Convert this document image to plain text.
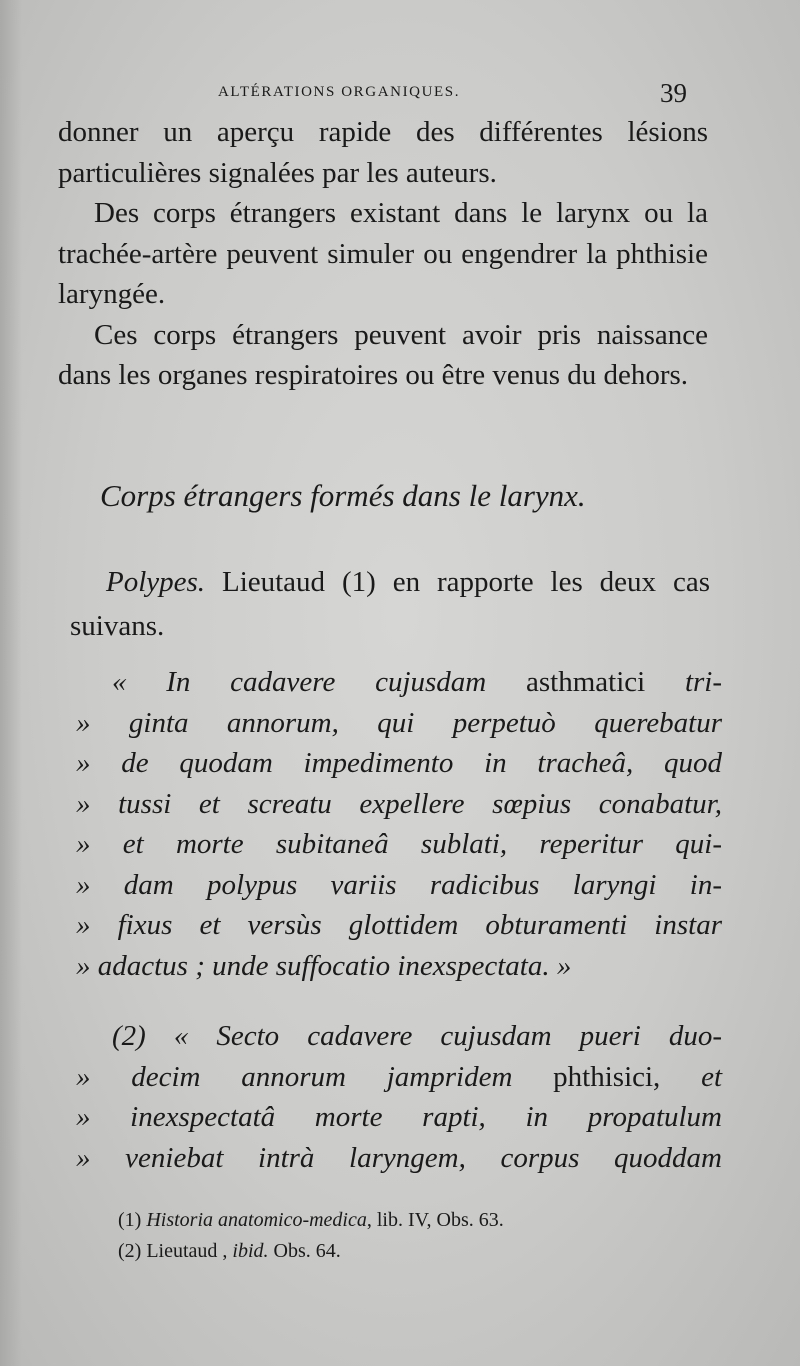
ALTÉRATIONS ORGANIQUES.	39

donner un aperçu rapide des différentes lésions particulières signalées par les auteurs.

Des corps étrangers existant dans le larynx ou la trachée-artère peuvent simuler ou engendrer la phthisie laryngée.

Ces corps étrangers peuvent avoir pris naissance dans les organes respiratoires ou être venus du dehors.

Corps étrangers formés dans le larynx.

Polypes. Lieutaud (1) en rapporte les deux cas suivans.

« In cadavere cujusdam asthmatici tri-
» ginta annorum, qui perpetuò querebatur
» de quodam impedimento in tracheâ, quod
» tussi et screatu expellere sœpius conabatur,
» et morte subitaneâ sublati, reperitur qui-
» dam polypus variis radicibus laryngi in-
» fixus et versùs glottidem obturamenti instar
» adactus ; unde suffocatio inexspectata. »
(2) « Secto cadavere cujusdam pueri duo-
» decim annorum jampridem phthisici, et
» inexspectatâ morte rapti, in propatulum
» veniebat intrà laryngem, corpus quoddam

(1) Historia anatomico-medica, lib. IV, Obs. 63.

(2) Lieutaud , ibid. Obs. 64.
